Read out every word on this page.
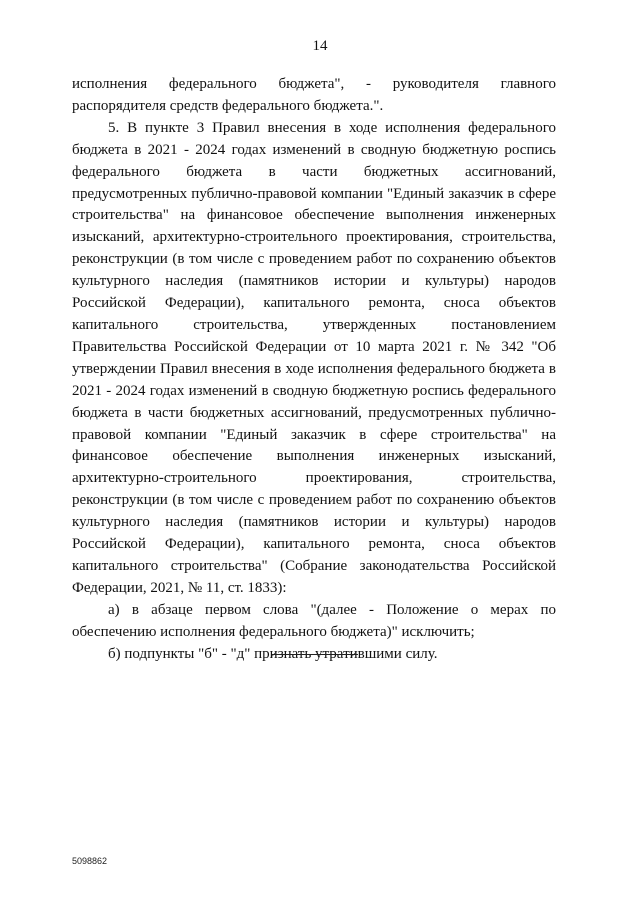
14

исполнения федерального бюджета", - руководителя главного распорядителя средств федерального бюджета.".

5. В пункте 3 Правил внесения в ходе исполнения федерального бюджета в 2021 - 2024 годах изменений в сводную бюджетную роспись федерального бюджета в части бюджетных ассигнований, предусмотренных публично-правовой компании "Единый заказчик в сфере строительства" на финансовое обеспечение выполнения инженерных изысканий, архитектурно-строительного проектирования, строительства, реконструкции (в том числе с проведением работ по сохранению объектов культурного наследия (памятников истории и культуры) народов Российской Федерации), капитального ремонта, сноса объектов капитального строительства, утвержденных постановлением Правительства Российской Федерации от 10 марта 2021 г. № 342 "Об утверждении Правил внесения в ходе исполнения федерального бюджета в 2021 - 2024 годах изменений в сводную бюджетную роспись федерального бюджета в части бюджетных ассигнований, предусмотренных публично-правовой компании "Единый заказчик в сфере строительства" на финансовое обеспечение выполнения инженерных изысканий, архитектурно-строительного проектирования, строительства, реконструкции (в том числе с проведением работ по сохранению объектов культурного наследия (памятников истории и культуры) народов Российской Федерации), капитального ремонта, сноса объектов капитального строительства" (Собрание законодательства Российской Федерации, 2021, № 11, ст. 1833):

а) в абзаце первом слова "(далее - Положение о мерах по обеспечению исполнения федерального бюджета)" исключить;

б) подпункты "б" - "д" признать утратившими силу.

5098862
